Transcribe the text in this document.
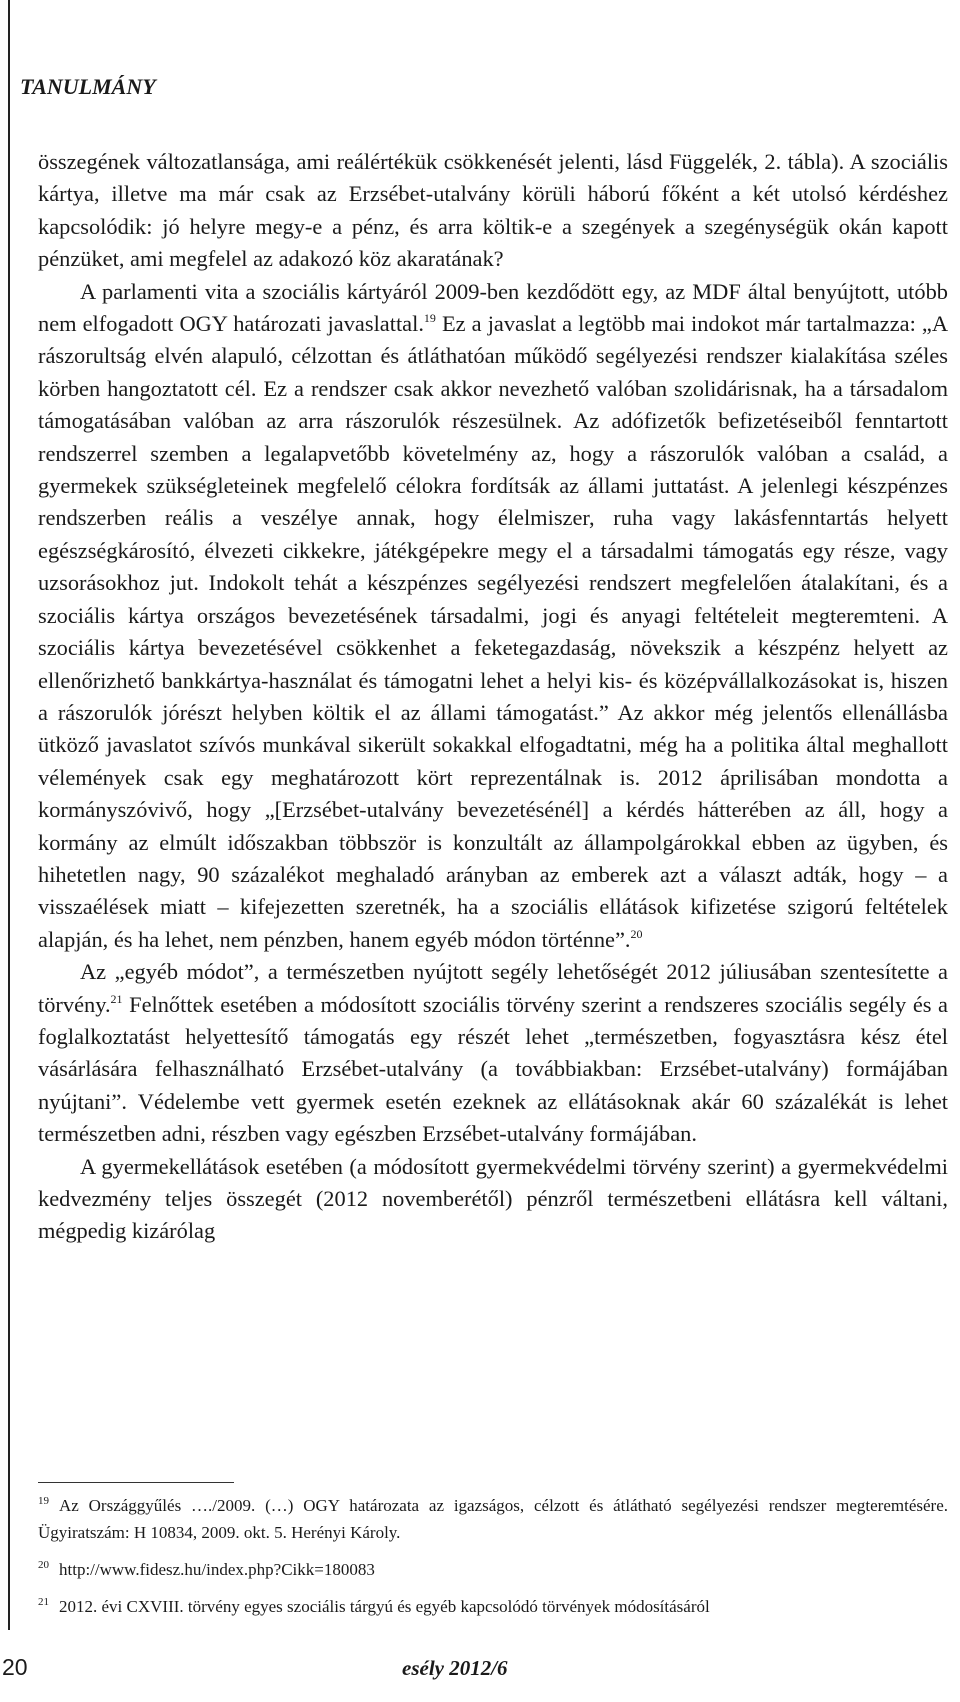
TANULMÁNY

összegének változatlansága, ami reálértékük csökkenését jelenti, lásd Függelék, 2. tábla). A szociális kártya, illetve ma már csak az Erzsébet-utalvány körüli háború főként a két utolsó kérdéshez kapcsolódik: jó helyre megy-e a pénz, és arra költik-e a szegények a szegénységük okán kapott pénzüket, ami megfelel az adakozó köz akaratának?

A parlamenti vita a szociális kártyáról 2009-ben kezdődött egy, az MDF által benyújtott, utóbb nem elfogadott OGY határozati javaslattal.$^{19}$ Ez a javaslat a legtöbb mai indokot már tartalmazza: „A rászorultság elvén alapuló, célzottan és átláthatóan működő segélyezési rendszer kialakítása széles körben hangoztatott cél. Ez a rendszer csak akkor nevezhető valóban szolidárisnak, ha a társadalom támogatásában valóban az arra rászorulók részesülnek. Az adófizetők befizetéseiből fenntartott rendszerrel szemben a legalapvetőbb követelmény az, hogy a rászorulók valóban a család, a gyermekek szükségleteinek megfelelő célokra fordítsák az állami juttatást. A jelenlegi készpénzes rendszerben reális a veszélye annak, hogy élelmiszer, ruha vagy lakásfenntartás helyett egészségkárosító, élvezeti cikkekre, játékgépekre megy el a társadalmi támogatás egy része, vagy uzsorásokhoz jut. Indokolt tehát a készpénzes segélyezési rendszert megfelelően átalakítani, és a szociális kártya országos bevezetésének társadalmi, jogi és anyagi feltételeit megteremteni. A szociális kártya bevezetésével csökkenhet a feketegazdaság, növekszik a készpénz helyett az ellenőrizhető bankkártya-használat és támogatni lehet a helyi kis- és középvállalkozásokat is, hiszen a rászorulók jórészt helyben költik el az állami támogatást.” Az akkor még jelentős ellenállásba ütköző javaslatot szívós munkával sikerült sokakkal elfogadtatni, még ha a politika által meghallott vélemények csak egy meghatározott kört reprezentálnak is. 2012 áprilisában mondotta a kormányszóvivő, hogy „[Erzsébet-utalvány bevezetésénél] a kérdés hátterében az áll, hogy a kormány az elmúlt időszakban többször is konzultált az állampolgárokkal ebben az ügyben, és hihetetlen nagy, 90 százalékot meghaladó arányban az emberek azt a választ adták, hogy – a visszaélések miatt – kifejezetten szeretnék, ha a szociális ellátások kifizetése szigorú feltételek alapján, és ha lehet, nem pénzben, hanem egyéb módon történne”.$^{20}$

Az „egyéb módot”, a természetben nyújtott segély lehetőségét 2012 júliusában szentesítette a törvény.$^{21}$ Felnőttek esetében a módosított szociális törvény szerint a rendszeres szociális segély és a foglalkoztatást helyettesítő támogatás egy részét lehet „természetben, fogyasztásra kész étel vásárlására felhasználható Erzsébet-utalvány (a továbbiakban: Erzsébet-utalvány) formájában nyújtani”. Védelembe vett gyermek esetén ezeknek az ellátásoknak akár 60 százalékát is lehet természetben adni, részben vagy egészben Erzsébet-utalvány formájában.

A gyermekellátások esetében (a módosított gyermekvédelmi törvény szerint) a gyermekvédelmi kedvezmény teljes összegét (2012 novemberétől) pénzről természetbeni ellátásra kell váltani, mégpedig kizárólag

$^{19}$ Az Országgyűlés …./2009. (…) OGY határozata az igazságos, célzott és átlátható segélyezési rendszer megteremtésére. Ügyiratszám: H 10834, 2009. okt. 5. Herényi Károly.
$^{20}$ http://www.fidesz.hu/index.php?Cikk=180083
$^{21}$ 2012. évi CXVIII. törvény egyes szociális tárgyú és egyéb kapcsolódó törvények módosításáról
20	esély 2012/6
